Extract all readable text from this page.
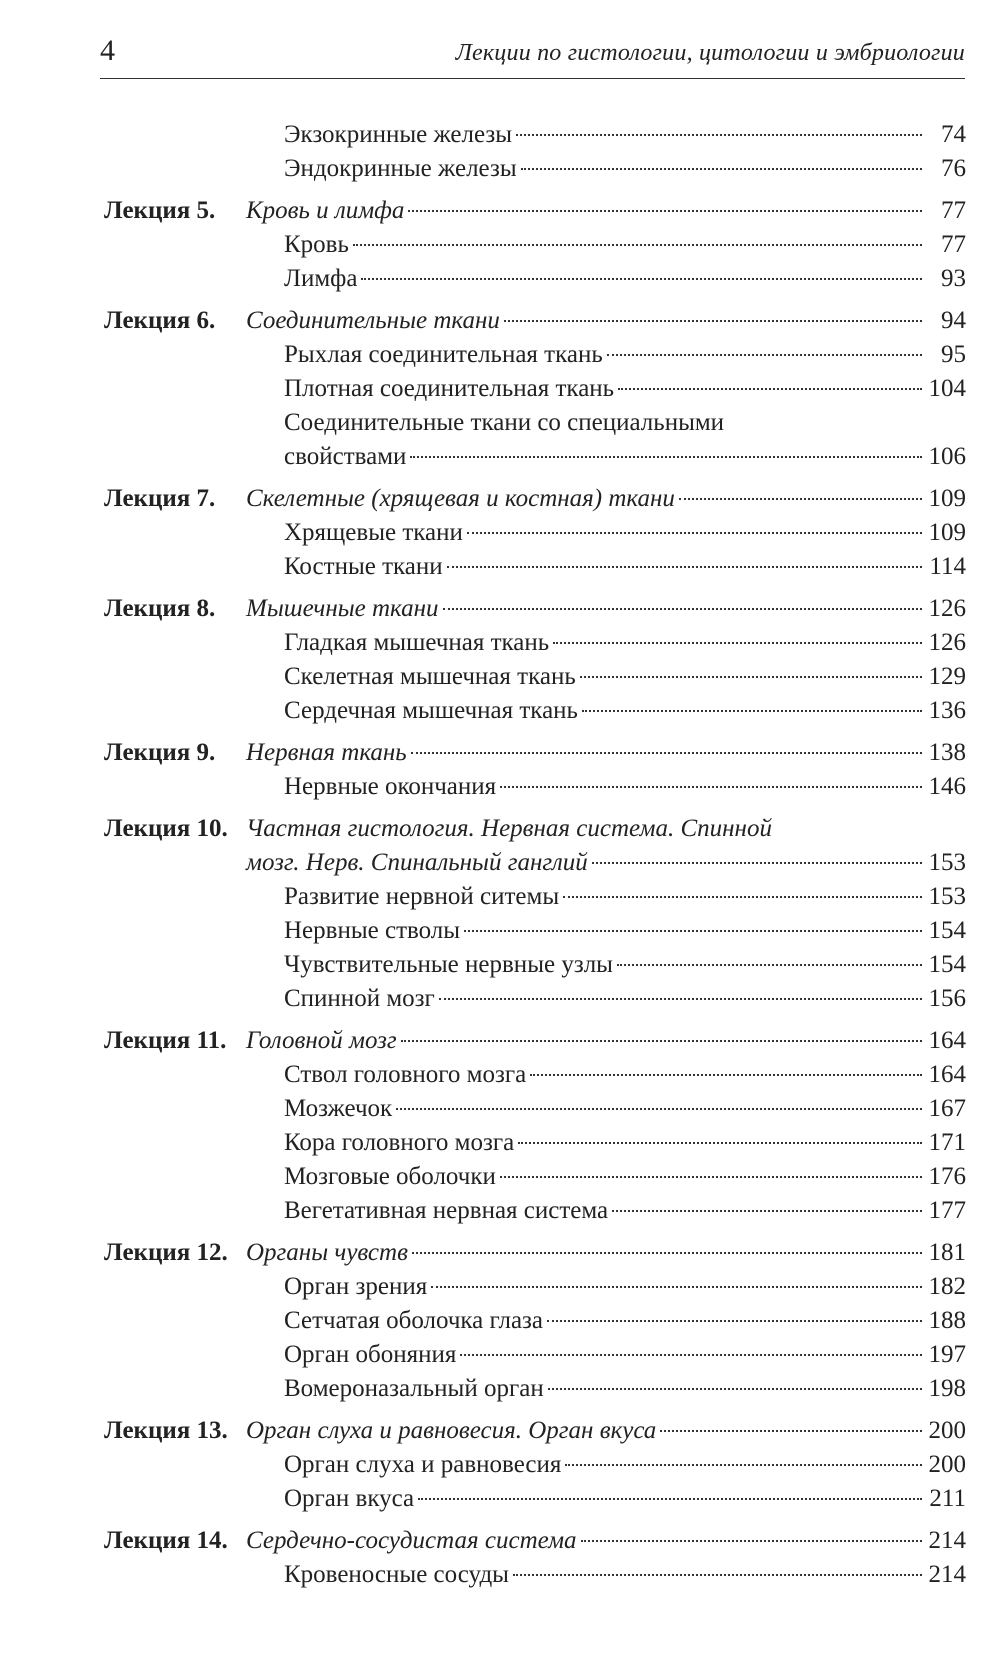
4	Лекции по гистологии, цитологии и эмбриологии
Экзокринные железы	74
Эндокринные железы	76
Лекция 5.	Кровь и лимфа	77
Кровь	77
Лимфа	93
Лекция 6.	Соединительные ткани	94
Рыхлая соединительная ткань	95
Плотная соединительная ткань	104
Соединительные ткани со специальными
свойствами	106
Лекция 7.	Скелетные (хрящевая и костная) ткани	109
Хрящевые ткани	109
Костные ткани	114
Лекция 8.	Мышечные ткани	126
Гладкая мышечная ткань	126
Скелетная мышечная ткань	129
Сердечная мышечная ткань	136
Лекция 9.	Нервная ткань	138
Нервные окончания	146
Лекция 10. Частная гистология. Нервная система. Спинной
мозг. Нерв. Спинальный ганглий	153
Развитие нервной ситемы	153
Нервные стволы	154
Чувствительные нервные узлы	154
Спинной мозг	156
Лекция 11. Головной мозг	164
Ствол головного мозга	164
Мозжечок	167
Кора головного мозга	171
Мозговые оболочки	176
Вегетативная нервная система	177
Лекция 12. Органы чувств	181
Орган зрения	182
Сетчатая оболочка глаза	188
Орган обоняния	197
Вомероназальный орган	198
Лекция 13. Орган слуха и равновесия. Орган вкуса	200
Орган слуха и равновесия	200
Орган вкуса	211
Лекция 14. Сердечно-сосудистая система	214
Кровеносные сосуды	214
